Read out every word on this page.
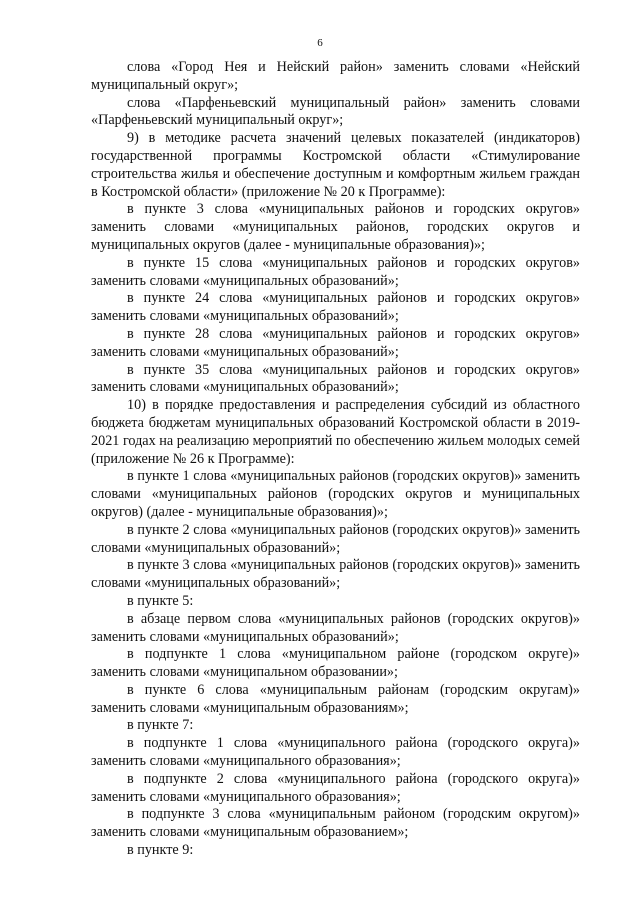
6

слова «Город Нея и Нейский район» заменить словами «Нейский муниципальный округ»;

слова «Парфеньевский муниципальный район» заменить словами «Парфеньевский муниципальный округ»;

9) в методике расчета значений целевых показателей (индикаторов) государственной программы Костромской области «Стимулирование строительства жилья и обеспечение доступным и комфортным жильем граждан в Костромской области» (приложение № 20 к Программе):

в пункте 3 слова «муниципальных районов и городских округов» заменить словами «муниципальных районов, городских округов и муниципальных округов (далее - муниципальные образования)»;

в пункте 15 слова «муниципальных районов и городских округов» заменить словами «муниципальных образований»;

в пункте 24 слова «муниципальных районов и городских округов» заменить словами «муниципальных образований»;

в пункте 28 слова «муниципальных районов и городских округов» заменить словами «муниципальных образований»;

в пункте 35 слова «муниципальных районов и городских округов» заменить словами «муниципальных образований»;

10) в порядке предоставления и распределения субсидий из областного бюджета бюджетам муниципальных образований Костромской области в 2019-2021 годах на реализацию мероприятий по обеспечению жильем молодых семей (приложение № 26 к Программе):

в пункте 1 слова «муниципальных районов (городских округов)» заменить словами «муниципальных районов (городских округов и муниципальных округов) (далее - муниципальные образования)»;

в пункте 2 слова «муниципальных районов (городских округов)» заменить словами «муниципальных образований»;

в пункте 3 слова «муниципальных районов (городских округов)» заменить словами «муниципальных образований»;

в пункте 5:

в абзаце первом слова «муниципальных районов (городских округов)» заменить словами «муниципальных образований»;

в подпункте 1 слова «муниципальном районе (городском округе)» заменить словами «муниципальном образовании»;

в пункте 6 слова «муниципальным районам (городским округам)» заменить словами «муниципальным образованиям»;

в пункте 7:

в подпункте 1 слова «муниципального района (городского округа)» заменить словами «муниципального образования»;

в подпункте 2 слова «муниципального района (городского округа)» заменить словами «муниципального образования»;

в подпункте 3 слова «муниципальным районом (городским округом)» заменить словами «муниципальным образованием»;

в пункте 9:
